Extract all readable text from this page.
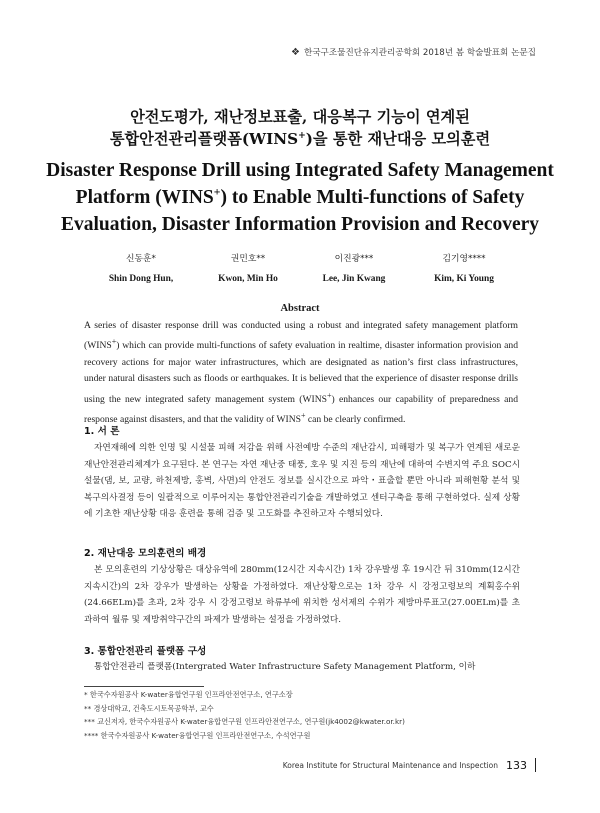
❖ 한국구조물진단유지관리공학회 2018년 봄 학술발표회 논문집
안전도평가, 재난정보표출, 대응복구 기능이 연계된
통합안전관리플랫폼(WINS+)을 통한 재난대응 모의훈련
Disaster Response Drill using Integrated Safety Management
Platform (WINS+) to Enable Multi-functions of Safety
Evaluation, Disaster Information Provision and Recovery
신동훈*
Shin Dong Hun,
권민호**
Kwon, Min Ho
이진광***
Lee, Jin Kwang
김기영****
Kim, Ki Young
Abstract
A series of disaster response drill was conducted using a robust and integrated safety management platform (WINS+) which can provide multi-functions of safety evaluation in realtime, disaster information provision and recovery actions for major water infrastructures, which are designated as nation’s first class infrastructures, under natural disasters such as floods or earthquakes. It is believed that the experience of disaster response drills using the new integrated safety management system (WINS+) enhances our capability of preparedness and response against disasters, and that the validity of WINS+ can be clearly confirmed.
1. 서 론
자연재해에 의한 인명 및 시설물 피해 저감을 위해 사전예방 수준의 재난감시, 피해평가 및 복구가 연계된 새로운 재난안전관리체계가 요구된다. 본 연구는 자연 재난중 태풍, 호우 및 지진 등의 재난에 대하여 수변지역 주요 SOC시설물(댐, 보, 교량, 하천제방, 홍벽, 사면)의 안전도 정보를 실시간으로 파악・표출할 뿐만 아니라 피해현황 분석 및 복구의사결정 등이 일괄적으로 이루어지는 통합안전관리기술을 개발하였고 센터구축을 통해 구현하였다. 실제 상황에 기초한 재난상황 대응 훈련을 통해 검증 및 고도화를 추진하고자 수행되었다.
2. 재난대응 모의훈련의 배경
본 모의훈련의 기상상황은 대상유역에 280mm(12시간 지속시간) 1차 강우발생 후 19시간 뒤 310mm(12시간 지속시간)의 2차 강우가 발생하는 상황을 가정하였다. 재난상황으로는 1차 강우 시 강정고령보의 계획홍수위(24.66ELm)를 초과, 2차 강우 시 강정고령보 하류부에 위치한 성서제의 수위가 제방마루표고(27.00ELm)를 초과하여 월류 및 제방취약구간의 파제가 발생하는 설정을 가정하였다.
3. 통합안전관리 플랫폼 구성
통합안전관리 플랫폼(Intergrated Water Infrastructure Safety Management Platform, 이하
* 한국수자원공사 K-water융합연구원 인프라안전연구소, 연구소장
** 경상대학교, 건축도시토목공학부, 교수
*** 교신저자, 한국수자원공사 K-water융합연구원 인프라안전연구소, 연구원(jk4002@kwater.or.kr)
**** 한국수자원공사 K-water융합연구원 인프라안전연구소, 수석연구원
Korea Institute for Structural Maintenance and Inspection 133
